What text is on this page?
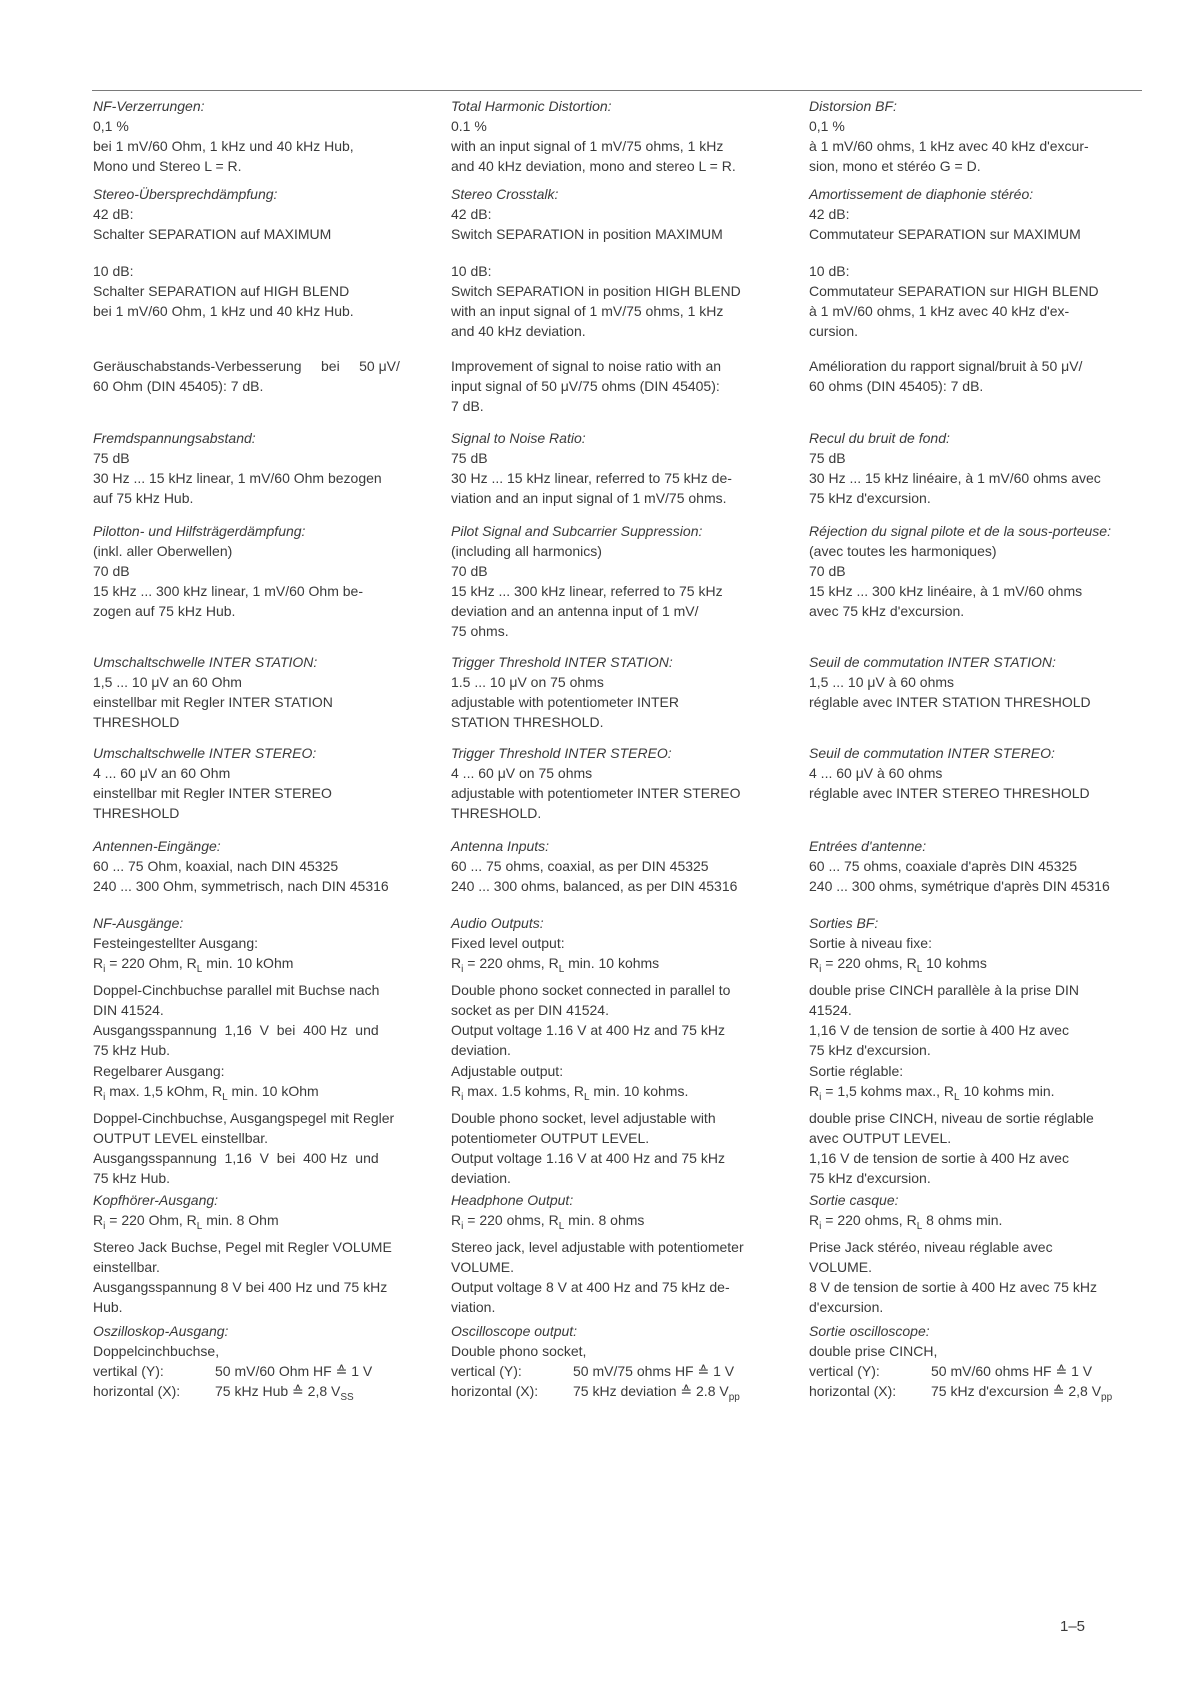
NF-Verzerrungen:
0,1 %
bei 1 mV/60 Ohm, 1 kHz und 40 kHz Hub,
Mono und Stereo L = R.
Stereo-Übersprechdämpfung:
42 dB:
Schalter SEPARATION auf MAXIMUM
10 dB:
Schalter SEPARATION auf HIGH BLEND
bei 1 mV/60 Ohm, 1 kHz und 40 kHz Hub.
Geräuschabstands-Verbesserung     bei     50 μV/
60 Ohm (DIN 45405): 7 dB.
Fremdspannungsabstand:
75 dB
30 Hz ... 15 kHz linear, 1 mV/60 Ohm bezogen
auf 75 kHz Hub.
Pilotton- und Hilfsträgerdämpfung:
(inkl. aller Oberwellen)
70 dB
15 kHz ... 300 kHz linear, 1 mV/60 Ohm be-
zogen auf 75 kHz Hub.
Umschaltschwelle INTER STATION:
1,5 ... 10 μV an 60 Ohm
einstellbar mit Regler INTER STATION
THRESHOLD
Umschaltschwelle INTER STEREO:
4 ... 60 μV an 60 Ohm
einstellbar mit Regler INTER STEREO
THRESHOLD
Antennen-Eingänge:
60 ... 75 Ohm, koaxial, nach DIN 45325
240 ... 300 Ohm, symmetrisch, nach DIN 45316
NF-Ausgänge:
Festeingestellter Ausgang:
$R_i = 220$ Ohm, $R_L$ min. 10 kOhm
Doppel-Cinchbuchse parallel mit Buchse nach
DIN 41524.
Ausgangsspannung  1,16  V  bei  400 Hz  und
75 kHz Hub.
Regelbarer Ausgang:
$R_i$ max. 1,5 kOhm, $R_L$ min. 10 kOhm
Doppel-Cinchbuchse, Ausgangspegel mit Regler
OUTPUT LEVEL einstellbar.
Ausgangsspannung  1,16  V  bei  400 Hz  und
75 kHz Hub.
Kopfhörer-Ausgang:
$R_i = 220$ Ohm, $R_L$ min. 8 Ohm
Stereo Jack Buchse, Pegel mit Regler VOLUME
einstellbar.
Ausgangsspannung 8 V bei 400 Hz und 75 kHz
Hub.
Oszilloskop-Ausgang:
Doppelcinchbuchse,
vertikal (Y):	50 mV/60 Ohm HF ≙ 1 V
horizontal (X): 75 kHz Hub ≙ 2,8 $V_{SS}$
Total Harmonic Distortion:
0.1 %
with an input signal of 1 mV/75 ohms, 1 kHz
and 40 kHz deviation, mono and stereo L = R.
Stereo Crosstalk:
42 dB:
Switch SEPARATION in position MAXIMUM
10 dB:
Switch SEPARATION in position HIGH BLEND
with an input signal of 1 mV/75 ohms, 1 kHz
and 40 kHz deviation.
Improvement of signal to noise ratio with an
input signal of 50 μV/75 ohms (DIN 45405):
7 dB.
Signal to Noise Ratio:
75 dB
30 Hz ... 15 kHz linear, referred to 75 kHz de-
viation and an input signal of 1 mV/75 ohms.
Pilot Signal and Subcarrier Suppression:
(including all harmonics)
70 dB
15 kHz ... 300 kHz linear, referred to 75 kHz
deviation and an antenna input of 1 mV/
75 ohms.
Trigger Threshold INTER STATION:
1.5 ... 10 μV on 75 ohms
adjustable with potentiometer INTER
STATION THRESHOLD.
Trigger Threshold INTER STEREO:
4 ... 60 μV on 75 ohms
adjustable with potentiometer INTER STEREO
THRESHOLD.
Antenna Inputs:
60 ... 75 ohms, coaxial, as per DIN 45325
240 ... 300 ohms, balanced, as per DIN 45316
Audio Outputs:
Fixed level output:
$R_i = 220$ ohms, $R_L$ min. 10 kohms
Double phono socket connected in parallel to
socket as per DIN 41524.
Output voltage 1.16 V at 400 Hz and 75 kHz
deviation.
Adjustable output:
$R_i$ max. 1.5 kohms, $R_L$ min. 10 kohms.
Double phono socket, level adjustable with
potentiometer OUTPUT LEVEL.
Output voltage 1.16 V at 400 Hz and 75 kHz
deviation.
Headphone Output:
$R_i = 220$ ohms, $R_L$ min. 8 ohms
Stereo jack, level adjustable with potentiometer
VOLUME.
Output voltage 8 V at 400 Hz and 75 kHz de-
viation.
Oscilloscope output:
Double phono socket,
vertical (Y):	50 mV/75 ohms HF ≙ 1 V
horizontal (X): 75 kHz deviation ≙ 2.8 $V_{pp}$
Distorsion BF:
0,1 %
à 1 mV/60 ohms, 1 kHz avec 40 kHz d'excur-
sion, mono et stéréo G = D.
Amortissement de diaphonie stéréo:
42 dB:
Commutateur SEPARATION sur MAXIMUM
10 dB:
Commutateur SEPARATION sur HIGH BLEND
à 1 mV/60 ohms, 1 kHz avec 40 kHz d'ex-
cursion.
Amélioration du rapport signal/bruit à 50 μV/
60 ohms (DIN 45405): 7 dB.
Recul du bruit de fond:
75 dB
30 Hz ... 15 kHz linéaire, à 1 mV/60 ohms avec
75 kHz d'excursion.
Réjection du signal pilote et de la sous-porteuse:
(avec toutes les harmoniques)
70 dB
15 kHz ... 300 kHz linéaire, à 1 mV/60 ohms
avec 75 kHz d'excursion.
Seuil de commutation INTER STATION:
1,5 ... 10 μV à 60 ohms
réglable avec INTER STATION THRESHOLD
Seuil de commutation INTER STEREO:
4 ... 60 μV à 60 ohms
réglable avec INTER STEREO THRESHOLD
Entrées d'antenne:
60 ... 75 ohms, coaxiale d'après DIN 45325
240 ... 300 ohms, symétrique d'après DIN 45316
Sorties BF:
Sortie à niveau fixe:
$R_i = 220$ ohms, $R_L$ 10 kohms
double prise CINCH parallèle à la prise DIN
41524.
1,16 V de tension de sortie à 400 Hz avec
75 kHz d'excursion.
Sortie réglable:
$R_i = 1,5$ kohms max., $R_L$ 10 kohms min.
double prise CINCH, niveau de sortie réglable
avec OUTPUT LEVEL.
1,16 V de tension de sortie à 400 Hz avec
75 kHz d'excursion.
Sortie casque:
$R_i = 220$ ohms, $R_L$ 8 ohms min.
Prise Jack stéréo, niveau réglable avec
VOLUME.
8 V de tension de sortie à 400 Hz avec 75 kHz
d'excursion.
Sortie oscilloscope:
double prise CINCH,
vertical (Y):	50 mV/60 ohms HF ≙ 1 V
horizontal (X): 75 kHz d'excursion ≙ 2,8 $V_{pp}$
1–5
